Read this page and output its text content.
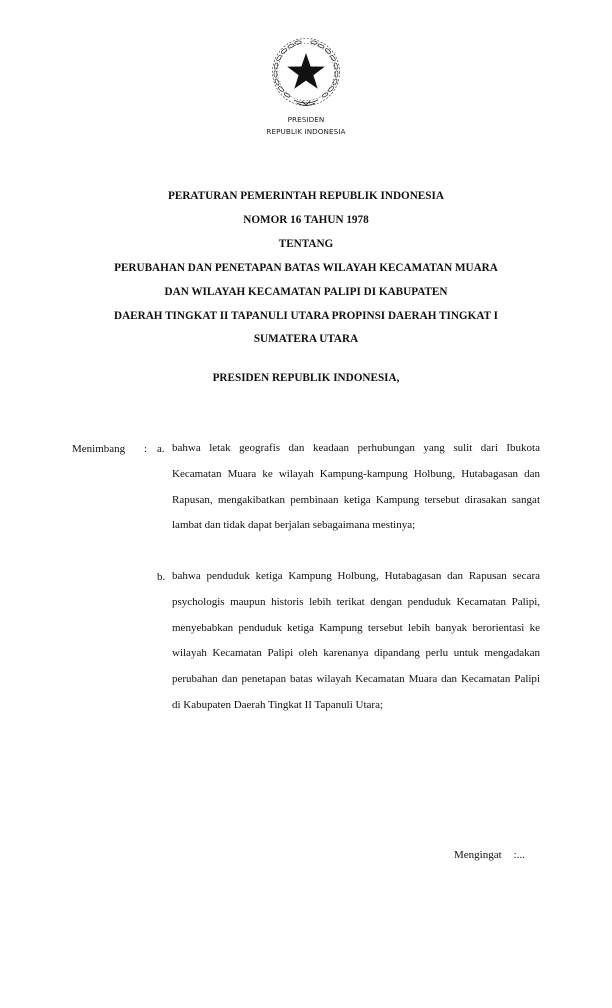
PRESIDEN
REPUBLIK INDONESIA
PERATURAN PEMERINTAH REPUBLIK INDONESIA
NOMOR 16 TAHUN 1978
TENTANG
PERUBAHAN DAN PENETAPAN BATAS WILAYAH KECAMATAN MUARA
DAN WILAYAH KECAMATAN PALIPI DI KABUPATEN
DAERAH TINGKAT II TAPANULI UTARA PROPINSI DAERAH TINGKAT I
SUMATERA UTARA
PRESIDEN REPUBLIK INDONESIA,
Menimbang : a. bahwa letak geografis dan keadaan perhubungan yang sulit dari Ibukota Kecamatan Muara ke wilayah Kampung-kampung Holbung, Hutabagasan dan Rapusan, mengakibatkan pembinaan ketiga Kampung tersebut dirasakan sangat lambat dan tidak dapat berjalan sebagaimana mestinya;
b. bahwa penduduk ketiga Kampung Holbung, Hutabagasan dan Rapusan secara psychologis maupun historis lebih terikat dengan penduduk Kecamatan Palipi, menyebabkan penduduk ketiga Kampung tersebut lebih banyak berorientasi ke wilayah Kecamatan Palipi oleh karenanya dipandang perlu untuk mengadakan perubahan dan penetapan batas wilayah Kecamatan Muara dan Kecamatan Palipi di Kabupaten Daerah Tingkat II Tapanuli Utara;
Mengingat :...
